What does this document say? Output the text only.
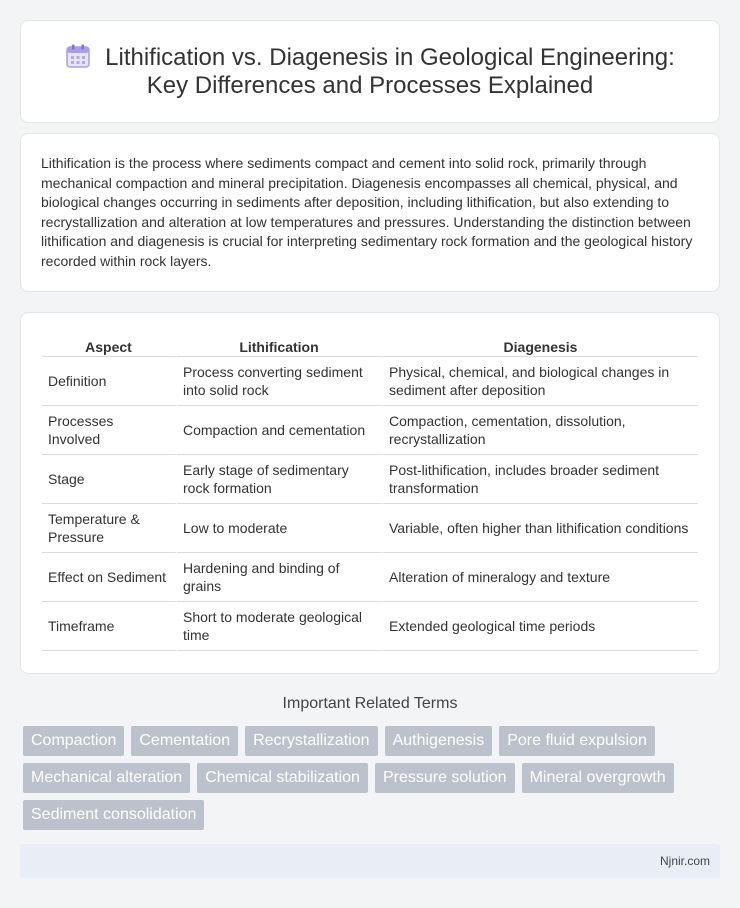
Lithification vs. Diagenesis in Geological Engineering:
Key Differences and Processes Explained

Lithification is the process where sediments compact and cement into solid rock, primarily through mechanical compaction and mineral precipitation. Diagenesis encompasses all chemical, physical, and biological changes occurring in sediments after deposition, including lithification, but also extending to recrystallization and alteration at low temperatures and pressures. Understanding the distinction between lithification and diagenesis is crucial for interpreting sedimentary rock formation and the geological history recorded within rock layers.

Aspect	Lithification	Diagenesis
Definition	Process converting sediment into solid rock	Physical, chemical, and biological changes in sediment after deposition
Processes Involved	Compaction and cementation	Compaction, cementation, dissolution, recrystallization
Stage	Early stage of sedimentary rock formation	Post-lithification, includes broader sediment transformation
Temperature & Pressure	Low to moderate	Variable, often higher than lithification conditions
Effect on Sediment	Hardening and binding of grains	Alteration of mineralogy and texture
Timeframe	Short to moderate geological time	Extended geological time periods
Important Related Terms
Compaction	Cementation	Recrystallization	Authigenesis	Pore fluid expulsion
Mechanical alteration	Chemical stabilization	Pressure solution	Mineral overgrowth
Sediment consolidation
Njnir.com
